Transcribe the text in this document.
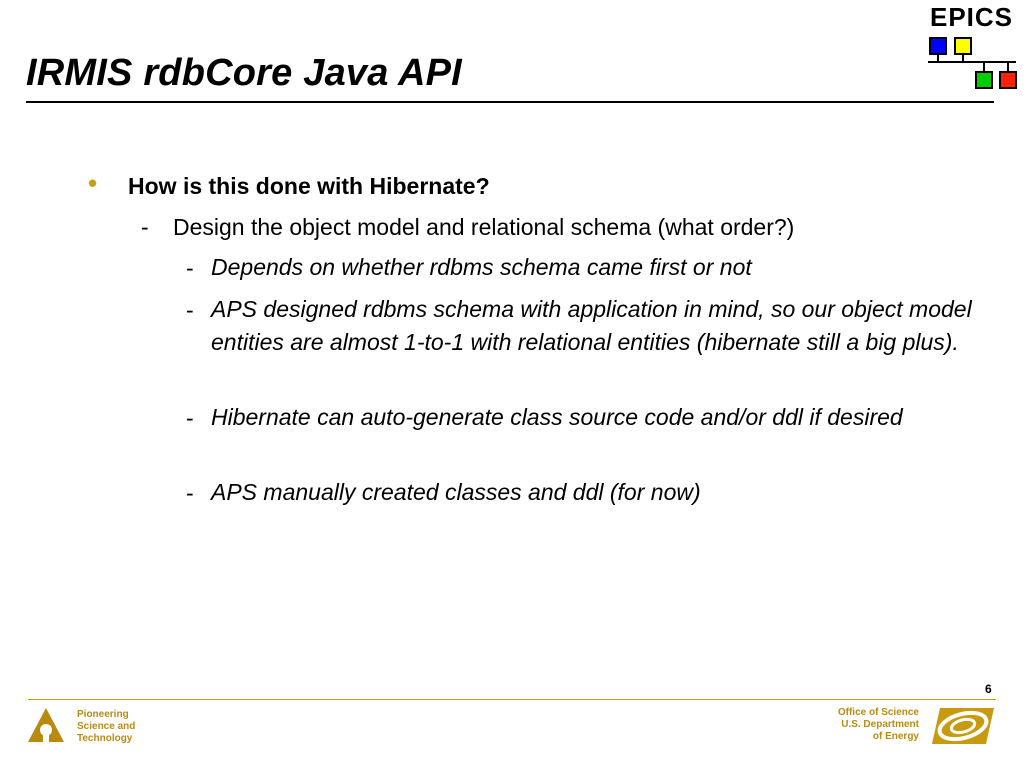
IRMIS rdbCore Java API
EPICS
• How is this done with Hibernate?
- Design the object model and relational schema (what order?)
- Depends on whether rdbms schema came first or not
- APS designed rdbms schema with application in mind, so our object model entities are almost 1-to-1 with relational entities (hibernate still a big plus).
- Hibernate can auto-generate class source code and/or ddl if desired
- APS manually created classes and ddl (for now)
6
Pioneering
Science and
Technology
Office of Science
U.S. Department
of Energy
